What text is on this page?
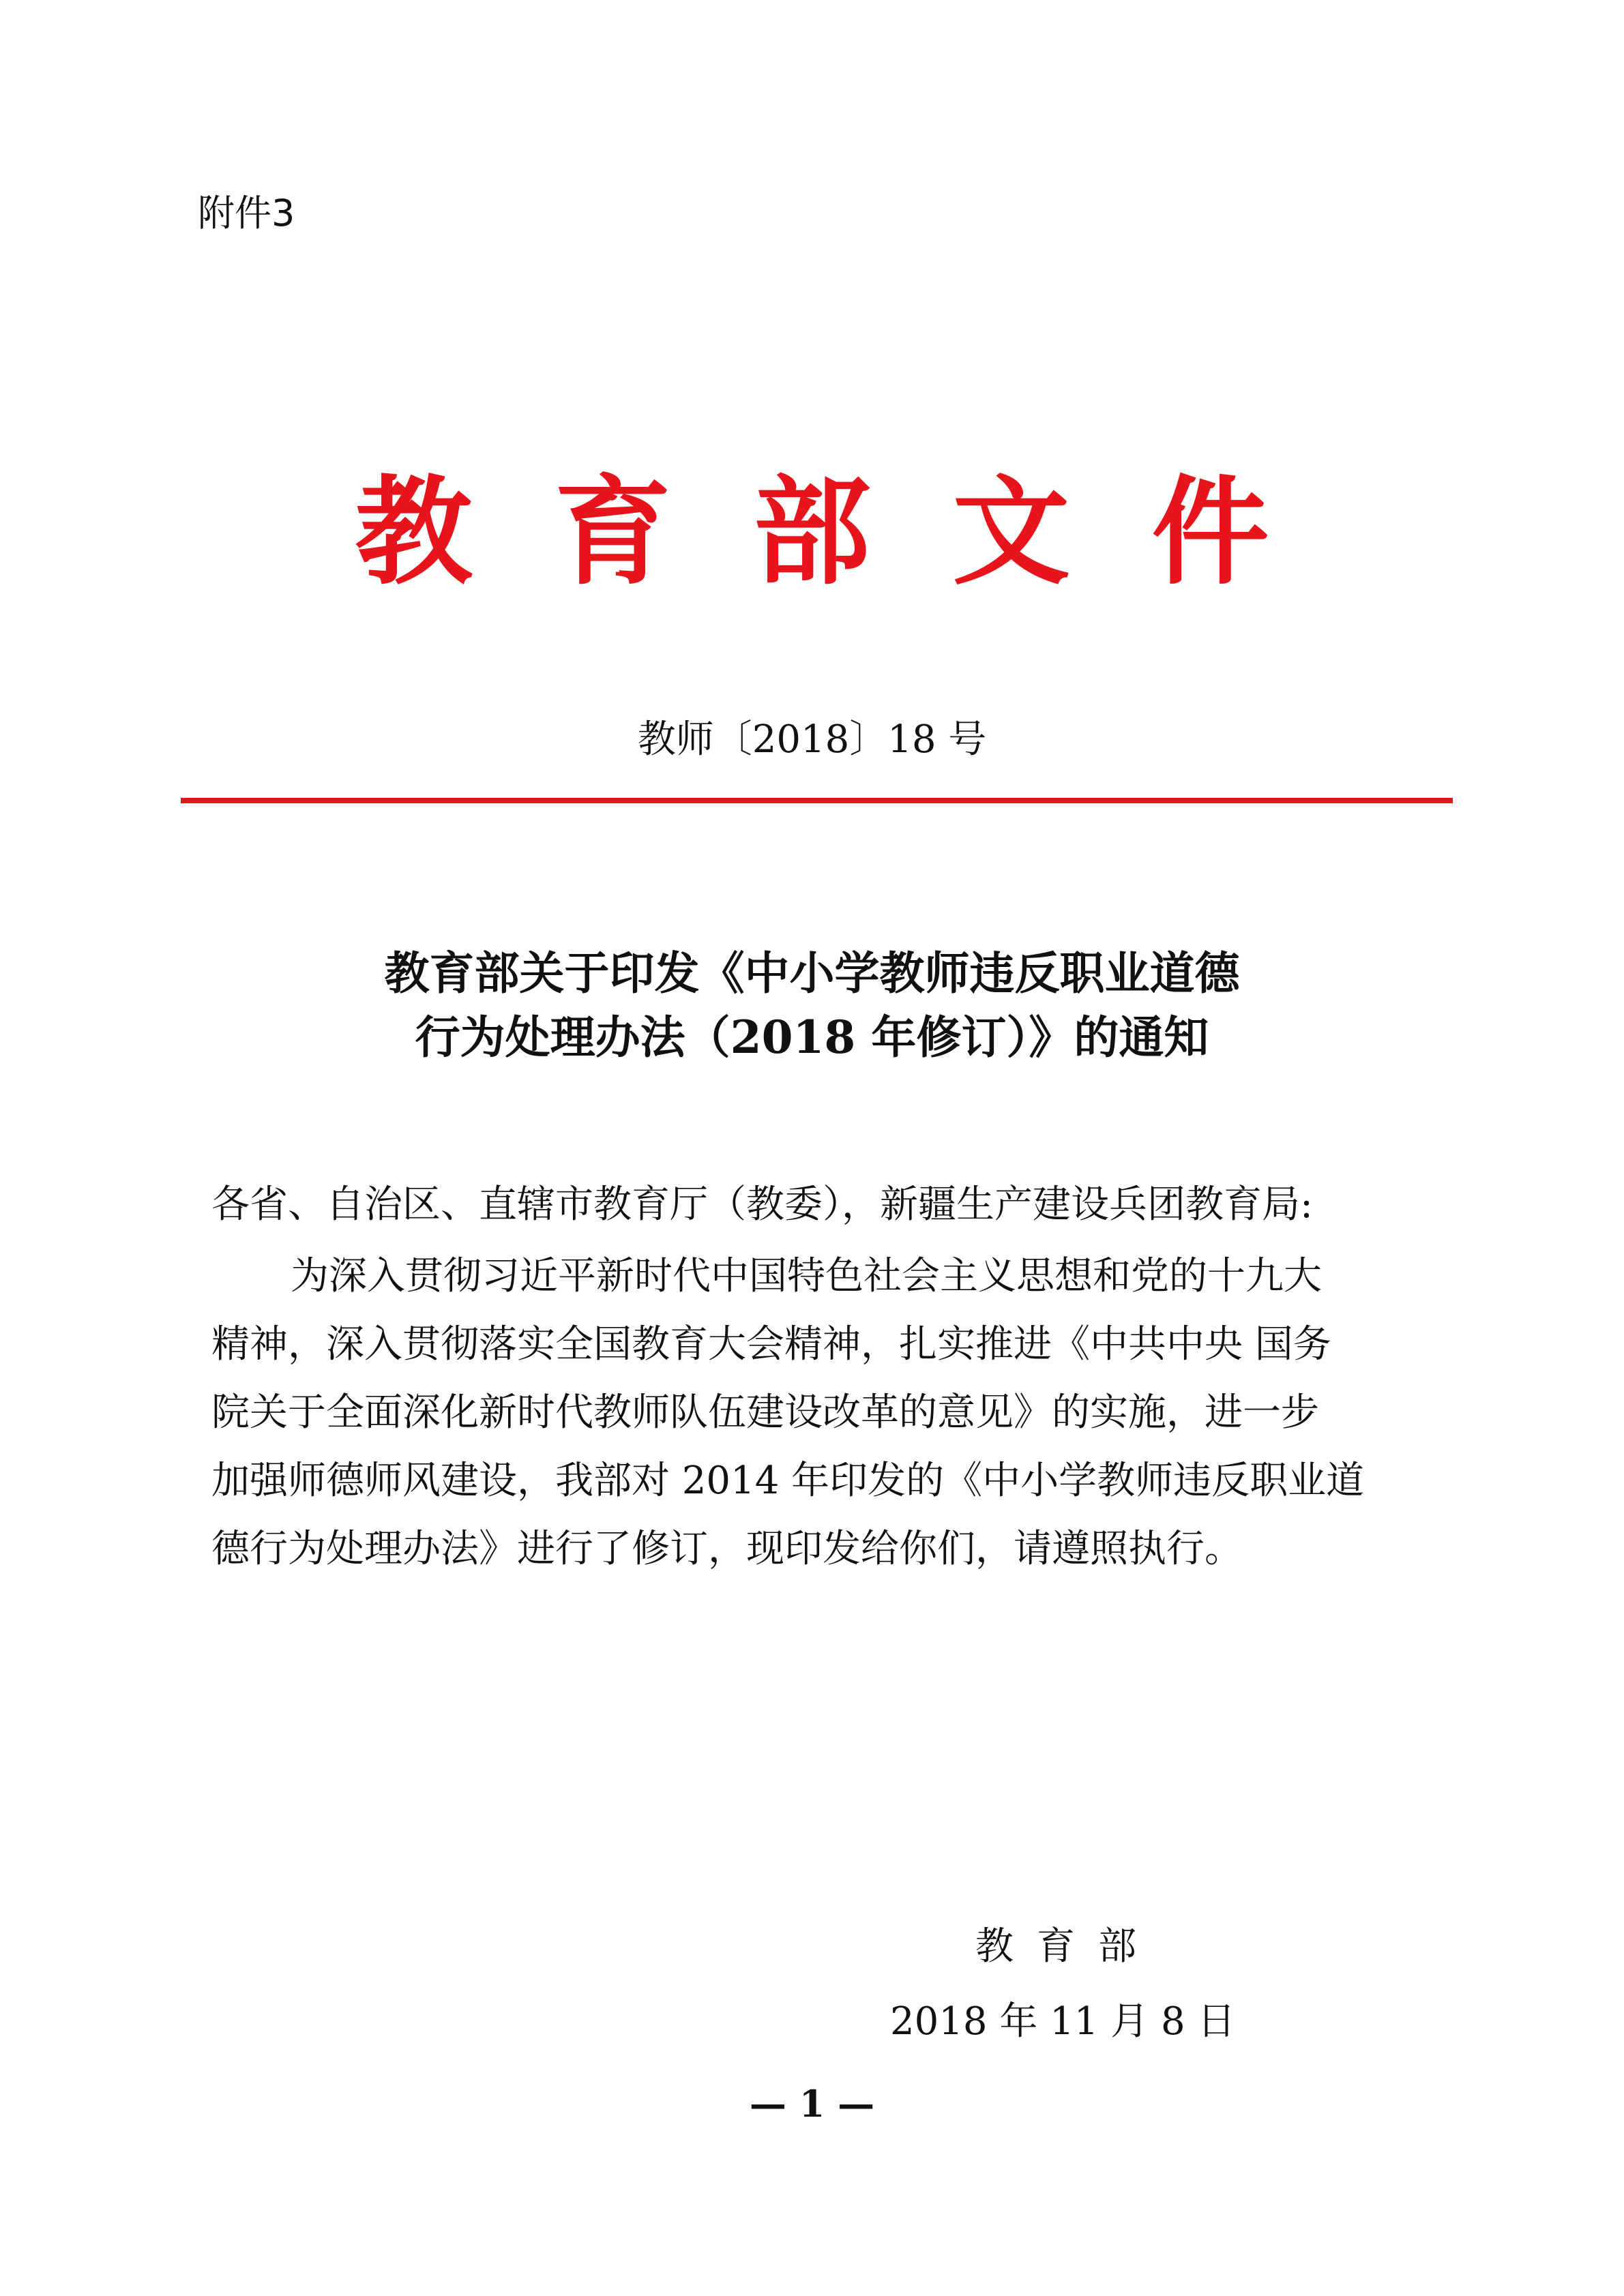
附件3
教育部文件
教师〔2018〕18 号
教育部关于印发《中小学教师违反职业道德
行为处理办法（2018 年修订）》的通知
各省、自治区、直辖市教育厅（教委），新疆生产建设兵团教育局:
为深入贯彻习近平新时代中国特色社会主义思想和党的十九大
精神，深入贯彻落实全国教育大会精神，扎实推进《中共中央 国务
院关于全面深化新时代教师队伍建设改革的意见》的实施，进一步
加强师德师风建设，我部对 2014 年印发的《中小学教师违反职业道
德行为处理办法》进行了修订，现印发给你们，请遵照执行。
教育部
2018 年 11 月 8 日
— 1 —
